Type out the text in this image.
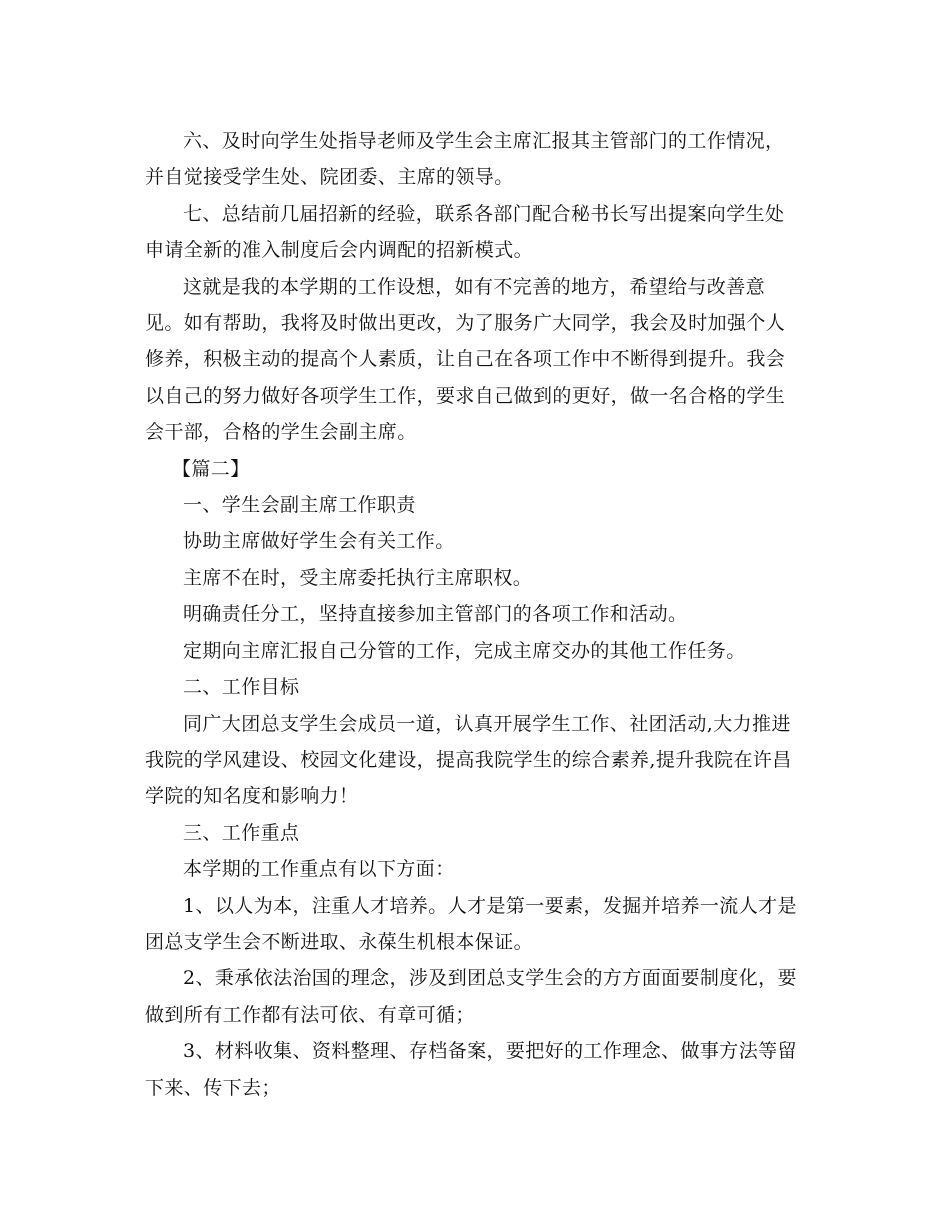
六、及时向学生处指导老师及学生会主席汇报其主管部门的工作情况，并自觉接受学生处、院团委、主席的领导。

七、总结前几届招新的经验，联系各部门配合秘书长写出提案向学生处申请全新的准入制度后会内调配的招新模式。

这就是我的本学期的工作设想，如有不完善的地方，希望给与改善意见。如有帮助，我将及时做出更改，为了服务广大同学，我会及时加强个人修养，积极主动的提高个人素质，让自己在各项工作中不断得到提升。我会以自己的努力做好各项学生工作，要求自己做到的更好，做一名合格的学生会干部，合格的学生会副主席。

【篇二】

一、学生会副主席工作职责

协助主席做好学生会有关工作。

主席不在时，受主席委托执行主席职权。

明确责任分工，坚持直接参加主管部门的各项工作和活动。

定期向主席汇报自己分管的工作，完成主席交办的其他工作任务。

二、工作目标

同广大团总支学生会成员一道，认真开展学生工作、社团活动,大力推进我院的学风建设、校园文化建设，提高我院学生的综合素养,提升我院在许昌学院的知名度和影响力！

三、工作重点

本学期的工作重点有以下方面：

1、以人为本，注重人才培养。人才是第一要素，发掘并培养一流人才是团总支学生会不断进取、永葆生机根本保证。

2、秉承依法治国的理念，涉及到团总支学生会的方方面面要制度化，要做到所有工作都有法可依、有章可循；

3、材料收集、资料整理、存档备案，要把好的工作理念、做事方法等留下来、传下去；
